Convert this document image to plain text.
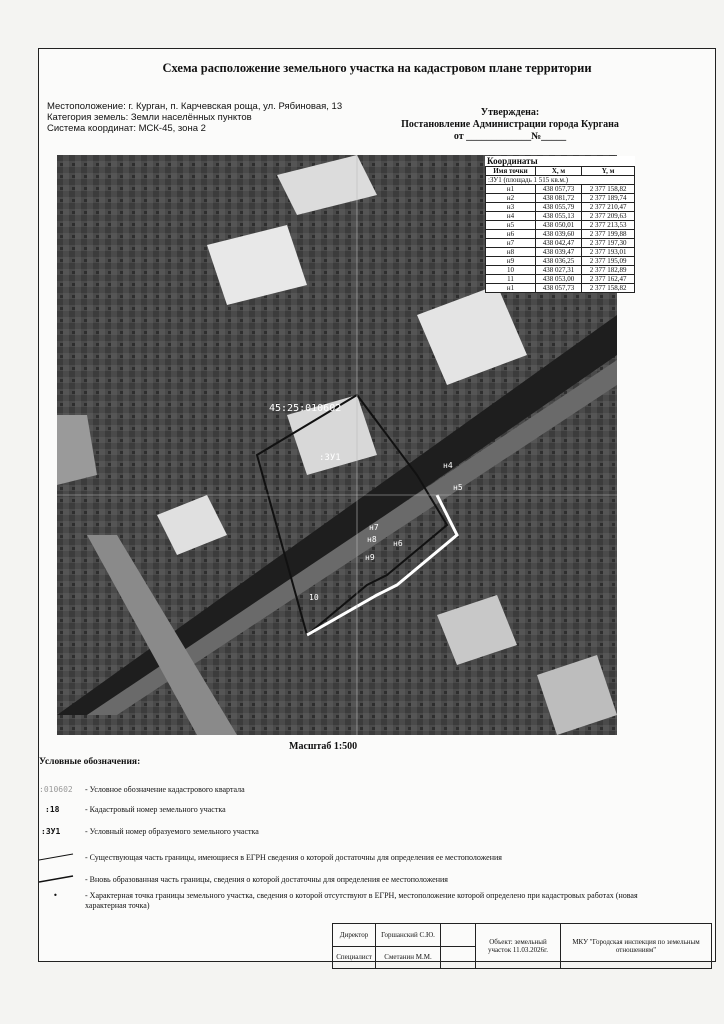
Схема расположение земельного участка на кадастровом плане территории
Местоположение: г. Курган, п. Карчевская роща, ул. Рябиновая, 13
Категория земель: Земли населённых пунктов
Система координат: МСК-45, зона 2
Утверждена:
Постановление Администрации города Кургана
от _____________№_____
45:25:010602
:ЗУ1
н4
н5
н6
н7
н8
н9
10
Координаты
Имя точки	X, м	Y, м
:ЗУ1 (площадь 1 515 кв.м.)		
н1	438 057,73	2 377 158,82
н2	438 081,72	2 377 189,74
н3	438 055,79	2 377 210,47
н4	438 055,13	2 377 209,63
н5	438 050,01	2 377 213,53
н6	438 039,60	2 377 199,88
н7	438 042,47	2 377 197,30
н8	438 039,47	2 377 193,01
н9	438 036,25	2 377 195,09
10	438 027,31	2 377 182,89
11	438 053,00	2 377 162,47
н1	438 057,73	2 377 158,82
Масштаб 1:500
Условные обозначения:
:010602	- Условное обозначение кадастрового квартала
:18	- Кадастровый номер земельного участка
:ЗУ1	- Условный номер образуемого земельного участка
- Существующая часть границы, имеющиеся в ЕГРН сведения о которой достаточны для определения ее местоположения
- Вновь образованная часть границы, сведения о которой достаточны для определения ее местоположения
•	- Характерная точка границы земельного участка, сведения о которой отсутствуют в ЕГРН, местоположение которой определено при кадастровых работах (новая характерная точка)
Директор	Горшанский С.Ю.		Объект: земельный участок 11.03.2026г.	МКУ "Городская инспекция по земельным отношениям"
Специалист	Сметанин М.М.			
